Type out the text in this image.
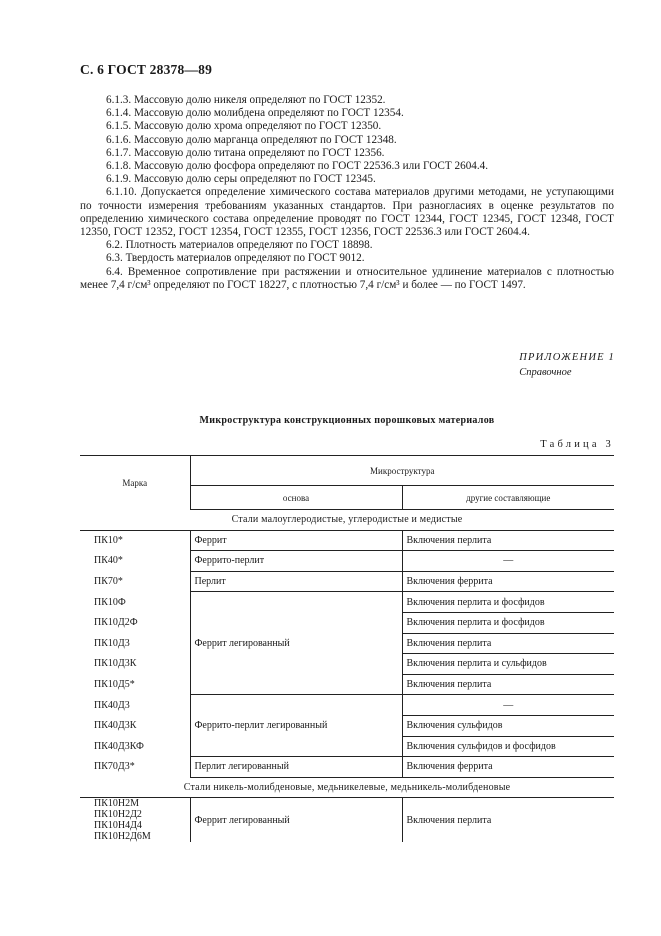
С. 6 ГОСТ 28378—89

6.1.3. Массовую долю никеля определяют по ГОСТ 12352.

6.1.4. Массовую долю молибдена определяют по ГОСТ 12354.

6.1.5. Массовую долю хрома определяют по ГОСТ 12350.

6.1.6. Массовую долю марганца определяют по ГОСТ 12348.

6.1.7. Массовую долю титана определяют по ГОСТ 12356.

6.1.8. Массовую долю фосфора определяют по ГОСТ 22536.3 или ГОСТ 2604.4.

6.1.9. Массовую долю серы определяют по ГОСТ 12345.

6.1.10. Допускается определение химического состава материалов другими методами, не уступающими по точности измерения требованиям указанных стандартов. При разногласиях в оценке результатов по определению химического состава определение проводят по ГОСТ 12344, ГОСТ 12345, ГОСТ 12348, ГОСТ 12350, ГОСТ 12352, ГОСТ 12354, ГОСТ 12355, ГОСТ 12356, ГОСТ 22536.3 или ГОСТ 2604.4.

6.2. Плотность материалов определяют по ГОСТ 18898.

6.3. Твердость материалов определяют по ГОСТ 9012.

6.4. Временное сопротивление при растяжении и относительное удлинение материалов с плотностью менее 7,4 г/см³ определяют по ГОСТ 18227, с плотностью 7,4 г/см³ и более — по ГОСТ 1497.

ПРИЛОЖЕНИЕ 1
Справочное
Микроструктура конструкционных порошковых материалов
Таблица 3
Марка	Микроструктура	
	основа	другие составляющие
Стали малоуглеродистые, углеродистые и медистые		
ПК10*	Феррит	Включения перлита
ПК40*	Феррито-перлит	—
ПК70*	Перлит	Включения феррита
ПК10Ф	Феррит легированный	Включения перлита и фосфидов
ПК10Д2Ф		Включения перлита и фосфидов
ПК10Д3		Включения перлита
ПК10Д3К		Включения перлита и сульфидов
ПК10Д5*		Включения перлита
ПК40Д3	Феррито-перлит легированный	—
ПК40Д3К		Включения сульфидов
ПК40Д3КФ		Включения сульфидов и фосфидов
ПК70Д3*	Перлит легированный	Включения феррита
Стали никель-молибденовые, медьникелевые, медьникель-молибденовые		

ПК10Н2М
ПК10Н2Д2
ПК10Н4Д4
ПК10Н2Д6М	Феррит легированный	Включения перлита
